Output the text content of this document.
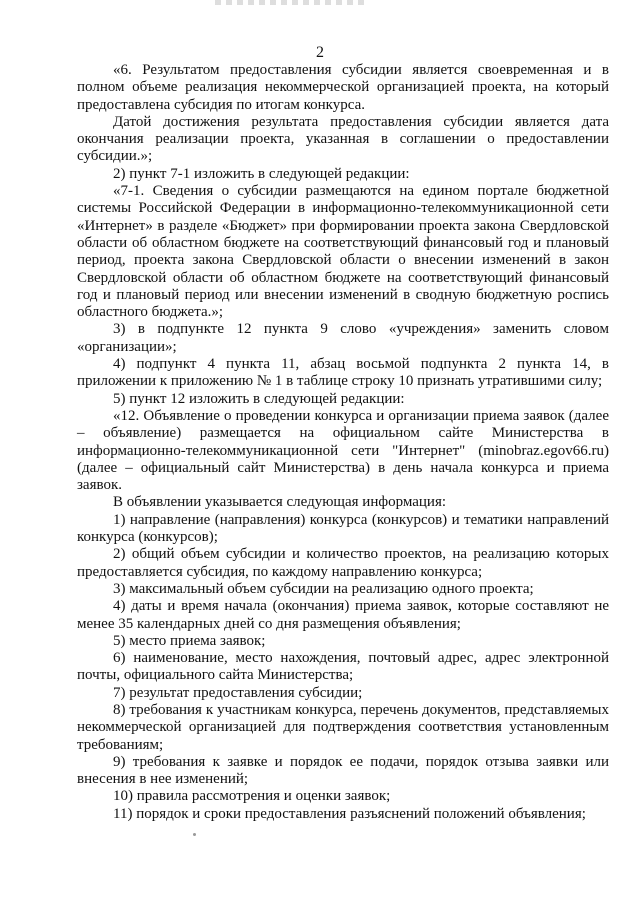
2

«6. Результатом предоставления субсидии является своевременная и в полном объеме реализация некоммерческой организацией проекта, на который предоставлена субсидия по итогам конкурса.

Датой достижения результата предоставления субсидии является дата окончания реализации проекта, указанная в соглашении о предоставлении субсидии.»;

2) пункт 7-1 изложить в следующей редакции:

«7-1. Сведения о субсидии размещаются на едином портале бюджетной системы Российской Федерации в информационно-телекоммуникационной сети «Интернет» в разделе «Бюджет» при формировании проекта закона Свердловской области об областном бюджете на соответствующий финансовый год и плановый период, проекта закона Свердловской области о внесении изменений в закон Свердловской области об областном бюджете на соответствующий финансовый год и плановый период или внесении изменений в сводную бюджетную роспись областного бюджета.»;

3) в подпункте 12 пункта 9 слово «учреждения» заменить словом «организации»;

4) подпункт 4 пункта 11, абзац восьмой подпункта 2 пункта 14, в приложении к приложению № 1 в таблице строку 10 признать утратившими силу;

5) пункт 12 изложить в следующей редакции:

«12. Объявление о проведении конкурса и организации приема заявок (далее – объявление) размещается на официальном сайте Министерства в информационно-телекоммуникационной сети "Интернет" (minobraz.egov66.ru) (далее – официальный сайт Министерства) в день начала конкурса и приема заявок.

В объявлении указывается следующая информация:

1) направление (направления) конкурса (конкурсов) и тематики направлений конкурса (конкурсов);

2) общий объем субсидии и количество проектов, на реализацию которых предоставляется субсидия, по каждому направлению конкурса;

3) максимальный объем субсидии на реализацию одного проекта;

4) даты и время начала (окончания) приема заявок, которые составляют не менее 35 календарных дней со дня размещения объявления;

5) место приема заявок;

6) наименование, место нахождения, почтовый адрес, адрес электронной почты, официального сайта Министерства;

7) результат предоставления субсидии;

8) требования к участникам конкурса, перечень документов, представляемых некоммерческой организацией для подтверждения соответствия установленным требованиям;

9) требования к заявке и порядок ее подачи, порядок отзыва заявки или внесения в нее изменений;

10) правила рассмотрения и оценки заявок;

11) порядок и сроки предоставления разъяснений положений объявления;
